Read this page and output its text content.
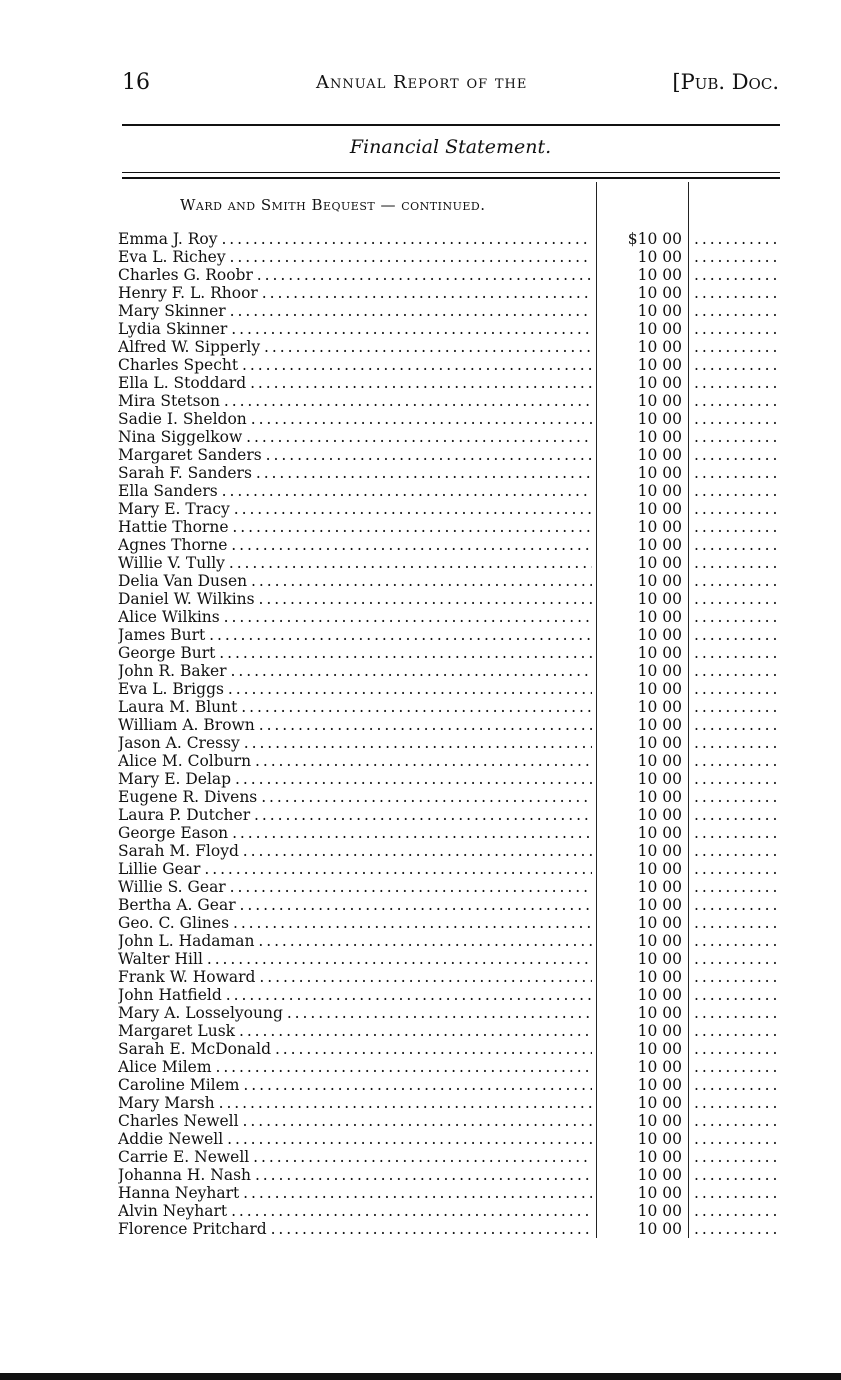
16	Annual Report of the	[Pub. Doc.
Financial Statement.
Ward and Smith Bequest — continued.
Emma J. Roy . . .	$10 00
. . .
Eva L. Richey . . .	10 00
. . .
Charles G. Roobr . . .	10 00
. . .
Henry F. L. Rhoor . . .	10 00
. . .
Mary Skinner . . .	10 00
. . .
Lydia Skinner . . .	10 00
. . .
Alfred W. Sipperly . . .	10 00
. . .
Charles Specht . . .	10 00
. . .
Ella L. Stoddard . . .	10 00
. . .
Mira Stetson . . .	10 00
. . .
Sadie I. Sheldon . . .	10 00
. . .
Nina Siggelkow . . .	10 00
. . .
Margaret Sanders . . .	10 00
. . .
Sarah F. Sanders . . .	10 00
. . .
Ella Sanders . . .	10 00
. . .
Mary E. Tracy . . .	10 00
. . .
Hattie Thorne . . .	10 00
. . .
Agnes Thorne . . .	10 00
. . .
Willie V. Tully . . .	10 00
. . .
Delia Van Dusen . . .	10 00
. . .
Daniel W. Wilkins . . .	10 00
. . .
Alice Wilkins . . .	10 00
. . .
James Burt . . .	10 00
. . .
George Burt . . .	10 00
. . .
John R. Baker . . .	10 00
. . .
Eva L. Briggs . . .	10 00
. . .
Laura M. Blunt . . .	10 00
. . .
William A. Brown . . .	10 00
. . .
Jason A. Cressy . . .	10 00
. . .
Alice M. Colburn . . .	10 00
. . .
Mary E. Delap . . .	10 00
. . .
Eugene R. Divens . . .	10 00
. . .
Laura P. Dutcher . . .	10 00
. . .
George Eason . . .	10 00
. . .
Sarah M. Floyd . . .	10 00
. . .
Lillie Gear . . .	10 00
. . .
Willie S. Gear . . .	10 00
. . .
Bertha A. Gear . . .	10 00
. . .
Geo. C. Glines . . .	10 00
. . .
John L. Hadaman . . .	10 00
. . .
Walter Hill . . .	10 00
. . .
Frank W. Howard . . .	10 00
. . .
John Hatfield . . .	10 00
. . .
Mary A. Losselyoung . . .	10 00
. . .
Margaret Lusk . . .	10 00
. . .
Sarah E. McDonald . . .	10 00
. . .
Alice Milem . . .	10 00
. . .
Caroline Milem . . .	10 00
. . .
Mary Marsh . . .	10 00
. . .
Charles Newell . . .	10 00
. . .
Addie Newell . . .	10 00
. . .
Carrie E. Newell . . .	10 00
. . .
Johanna H. Nash . . .	10 00
. . .
Hanna Neyhart . . .	10 00
. . .
Alvin Neyhart . . .	10 00
. . .
Florence Pritchard . . .	10 00
. . .
